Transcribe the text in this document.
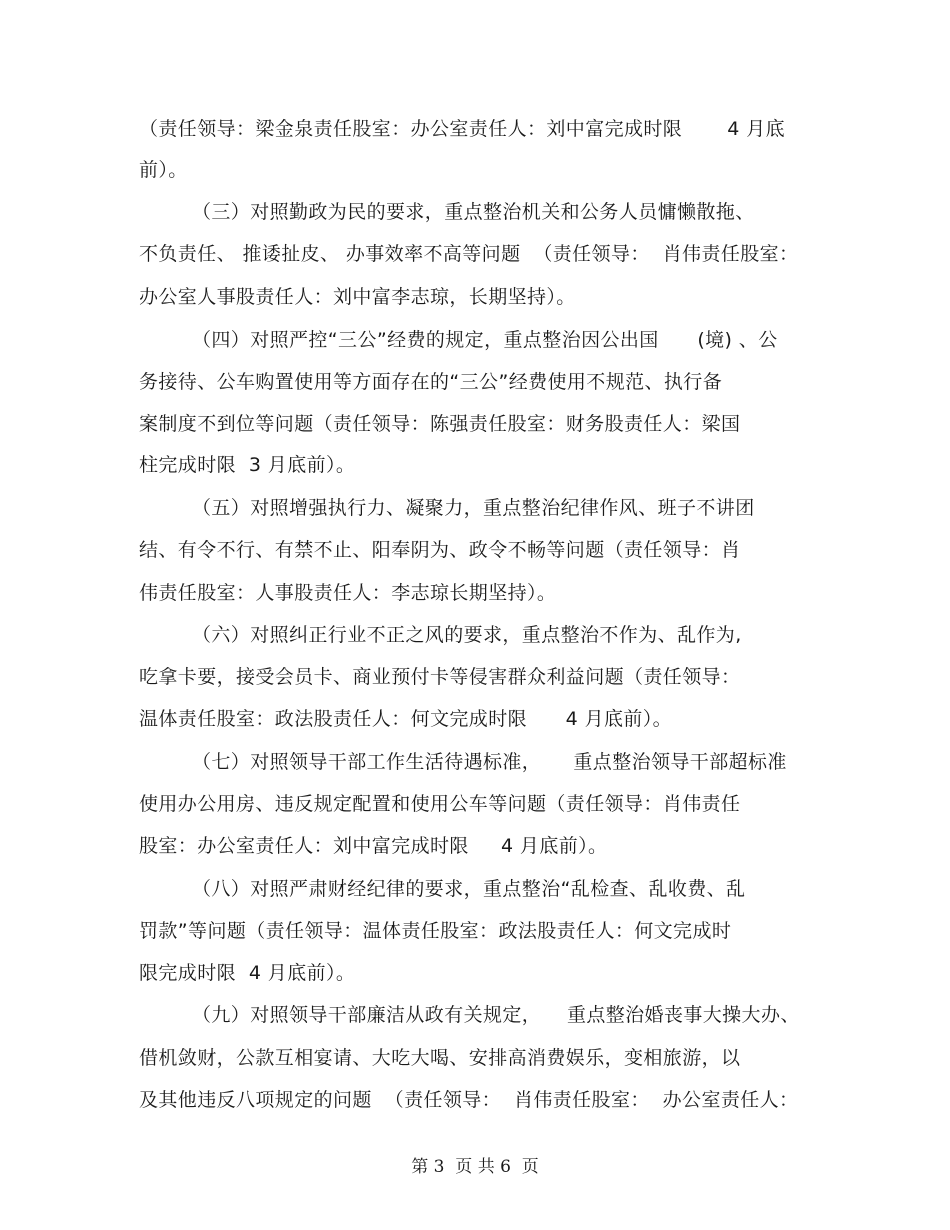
（责任领导：梁金泉责任股室：办公室责任人：刘中富完成时限       4 月底
前）。
（三）对照勤政为民的要求，重点整治机关和公务人员慵懒散拖、
不负责任、 推诿扯皮、 办事效率不高等问题  （责任领导：  肖伟责任股室：
办公室人事股责任人：刘中富李志琼，长期坚持）。
（四）对照严控“三公”经费的规定，重点整治因公出国      (境) 、公
务接待、公车购置使用等方面存在的“三公”经费使用不规范、执行备
案制度不到位等问题（责任领导：陈强责任股室：财务股责任人：梁国
柱完成时限  3 月底前）。
（五）对照增强执行力、凝聚力，重点整治纪律作风、班子不讲团
结、有令不行、有禁不止、阳奉阴为、政令不畅等问题（责任领导：肖
伟责任股室：人事股责任人：李志琼长期坚持）。
（六）对照纠正行业不正之风的要求，重点整治不作为、乱作为,
吃拿卡要，接受会员卡、商业预付卡等侵害群众利益问题（责任领导：
温体责任股室：政法股责任人：何文完成时限      4 月底前）。
（七）对照领导干部工作生活待遇标准，     重点整治领导干部超标准
使用办公用房、违反规定配置和使用公车等问题（责任领导：肖伟责任
股室：办公室责任人：刘中富完成时限     4 月底前）。
（八）对照严肃财经纪律的要求，重点整治“乱检查、乱收费、乱
罚款”等问题（责任领导：温体责任股室：政法股责任人：何文完成时
限完成时限  4 月底前）。
（九）对照领导干部廉洁从政有关规定，    重点整治婚丧事大操大办、
借机敛财，公款互相宴请、大吃大喝、安排高消费娱乐，变相旅游，以
及其他违反八项规定的问题  （责任领导：  肖伟责任股室：  办公室责任人：
第 3  页 共 6  页
